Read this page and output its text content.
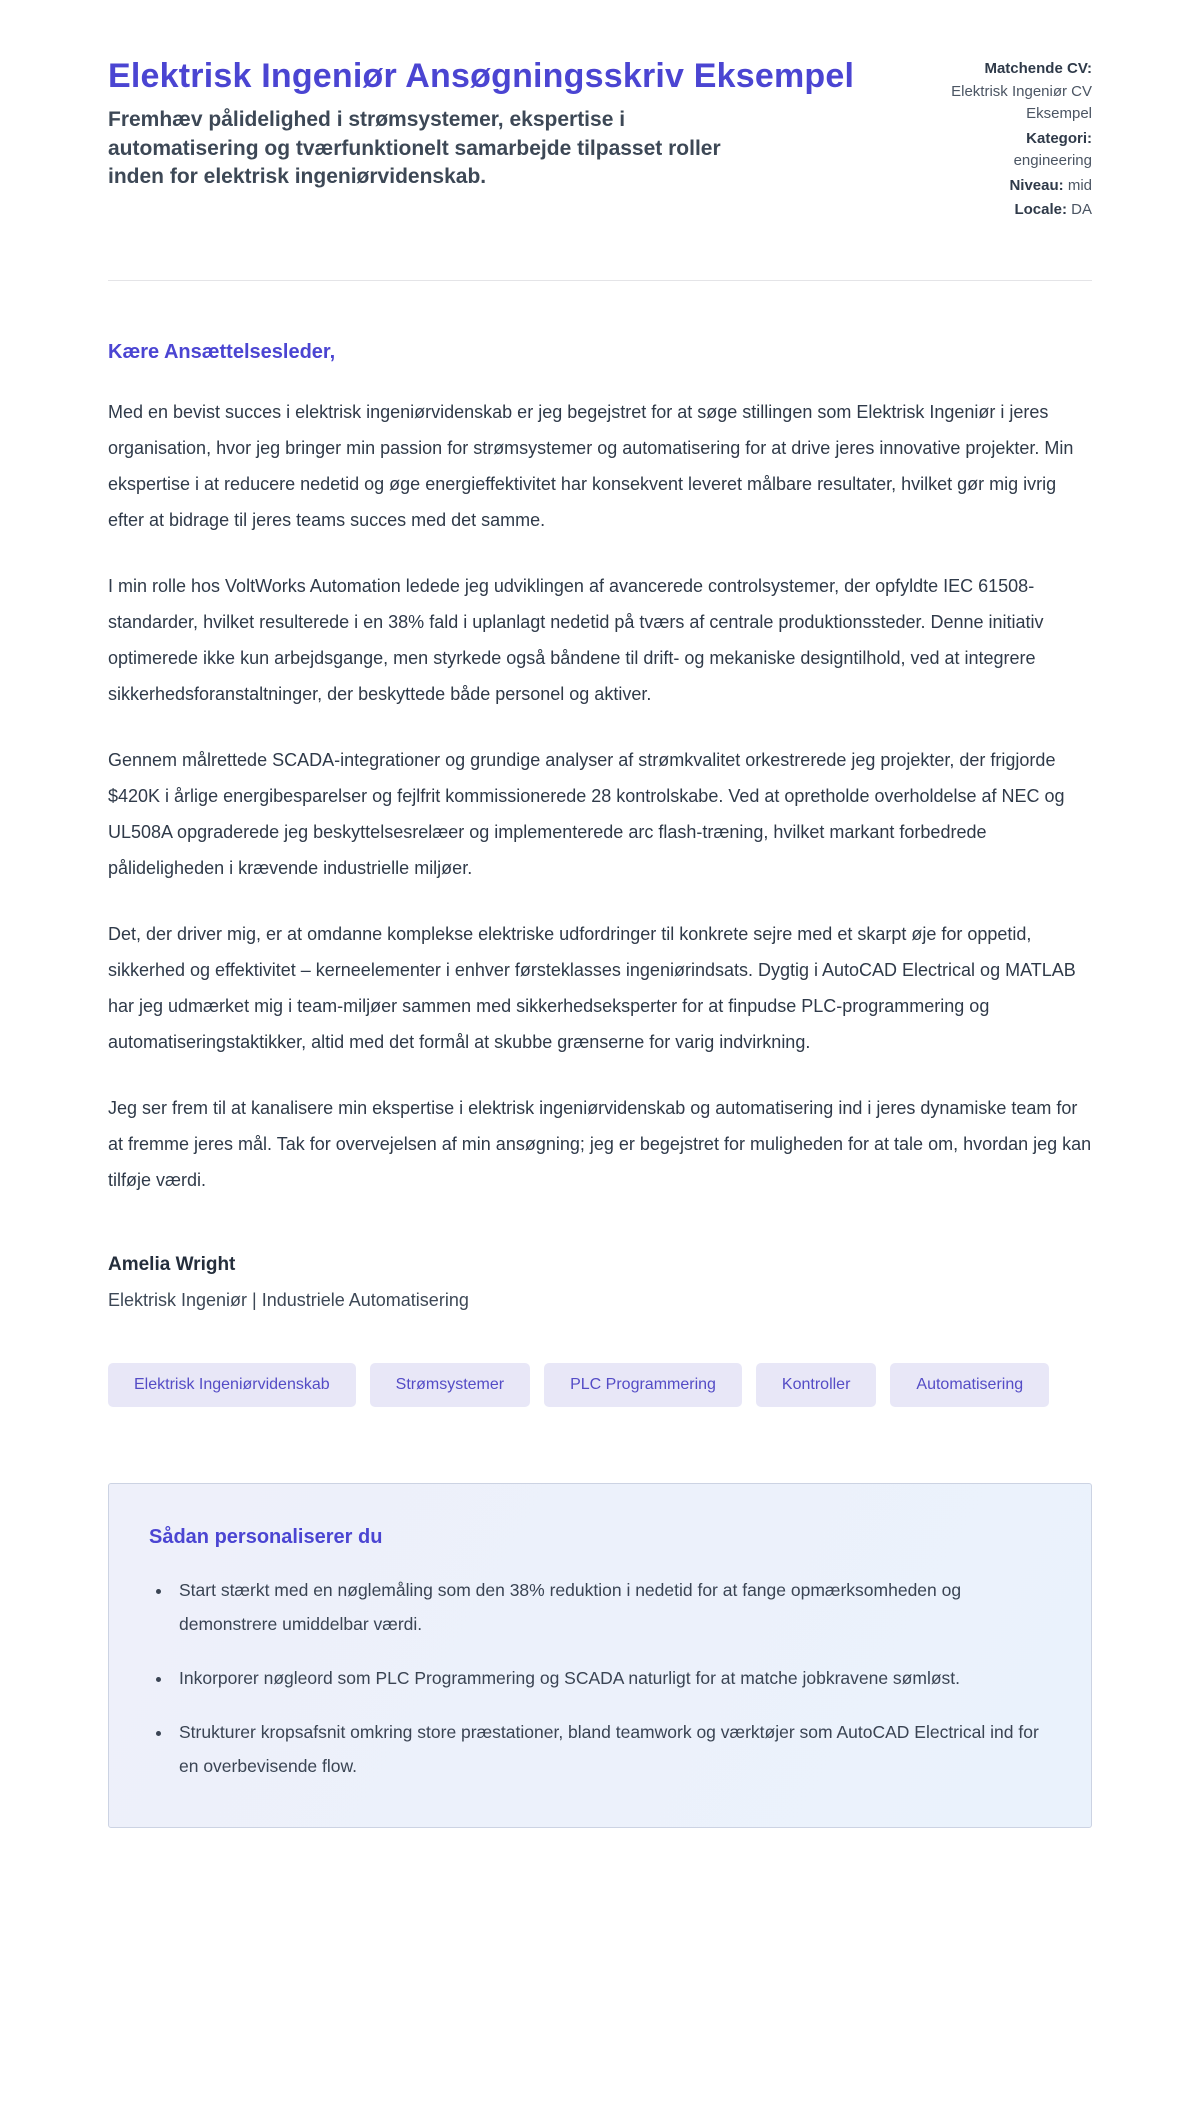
Elektrisk Ingeniør Ansøgningsskriv Eksempel

Fremhæv pålidelighed i strømsystemer, ekspertise i automatisering og tværfunktionelt samarbejde tilpasset roller inden for elektrisk ingeniørvidenskab.

Matchende CV:
Elektrisk Ingeniør CV Eksempel
Kategori:
engineering
Niveau: mid
Locale: DA

Kære Ansættelsesleder,

Med en bevist succes i elektrisk ingeniørvidenskab er jeg begejstret for at søge stillingen som Elektrisk Ingeniør i jeres organisation, hvor jeg bringer min passion for strømsystemer og automatisering for at drive jeres innovative projekter. Min ekspertise i at reducere nedetid og øge energieffektivitet har konsekvent leveret målbare resultater, hvilket gør mig ivrig efter at bidrage til jeres teams succes med det samme.

I min rolle hos VoltWorks Automation ledede jeg udviklingen af avancerede controlsystemer, der opfyldte IEC 61508-standarder, hvilket resulterede i en 38% fald i uplanlagt nedetid på tværs af centrale produktionssteder. Denne initiativ optimerede ikke kun arbejdsgange, men styrkede også båndene til drift- og mekaniske designtilhold, ved at integrere sikkerhedsforanstaltninger, der beskyttede både personel og aktiver.

Gennem målrettede SCADA-integrationer og grundige analyser af strømkvalitet orkestrerede jeg projekter, der frigjorde $420K i årlige energibesparelser og fejlfrit kommissionerede 28 kontrolskabe. Ved at opretholde overholdelse af NEC og UL508A opgraderede jeg beskyttelsesrelæer og implementerede arc flash-træning, hvilket markant forbedrede pålideligheden i krævende industrielle miljøer.

Det, der driver mig, er at omdanne komplekse elektriske udfordringer til konkrete sejre med et skarpt øje for oppetid, sikkerhed og effektivitet – kerneelementer i enhver førsteklasses ingeniørindsats. Dygtig i AutoCAD Electrical og MATLAB har jeg udmærket mig i team-miljøer sammen med sikkerhedseksperter for at finpudse PLC-programmering og automatiseringstaktikker, altid med det formål at skubbe grænserne for varig indvirkning.

Jeg ser frem til at kanalisere min ekspertise i elektrisk ingeniørvidenskab og automatisering ind i jeres dynamiske team for at fremme jeres mål. Tak for overvejelsen af min ansøgning; jeg er begejstret for muligheden for at tale om, hvordan jeg kan tilføje værdi.

Amelia Wright

Elektrisk Ingeniør | Industriele Automatisering

Elektrisk Ingeniørvidenskab	Strømsystemer	PLC Programmering	Kontroller	Automatisering
Sådan personaliserer du
• Start stærkt med en nøglemåling som den 38% reduktion i nedetid for at fange opmærksomheden og demonstrere umiddelbar værdi.
• Inkorporer nøgleord som PLC Programmering og SCADA naturligt for at matche jobkravene sømløst.
• Strukturer kropsafsnit omkring store præstationer, bland teamwork og værktøjer som AutoCAD Electrical ind for en overbevisende flow.
